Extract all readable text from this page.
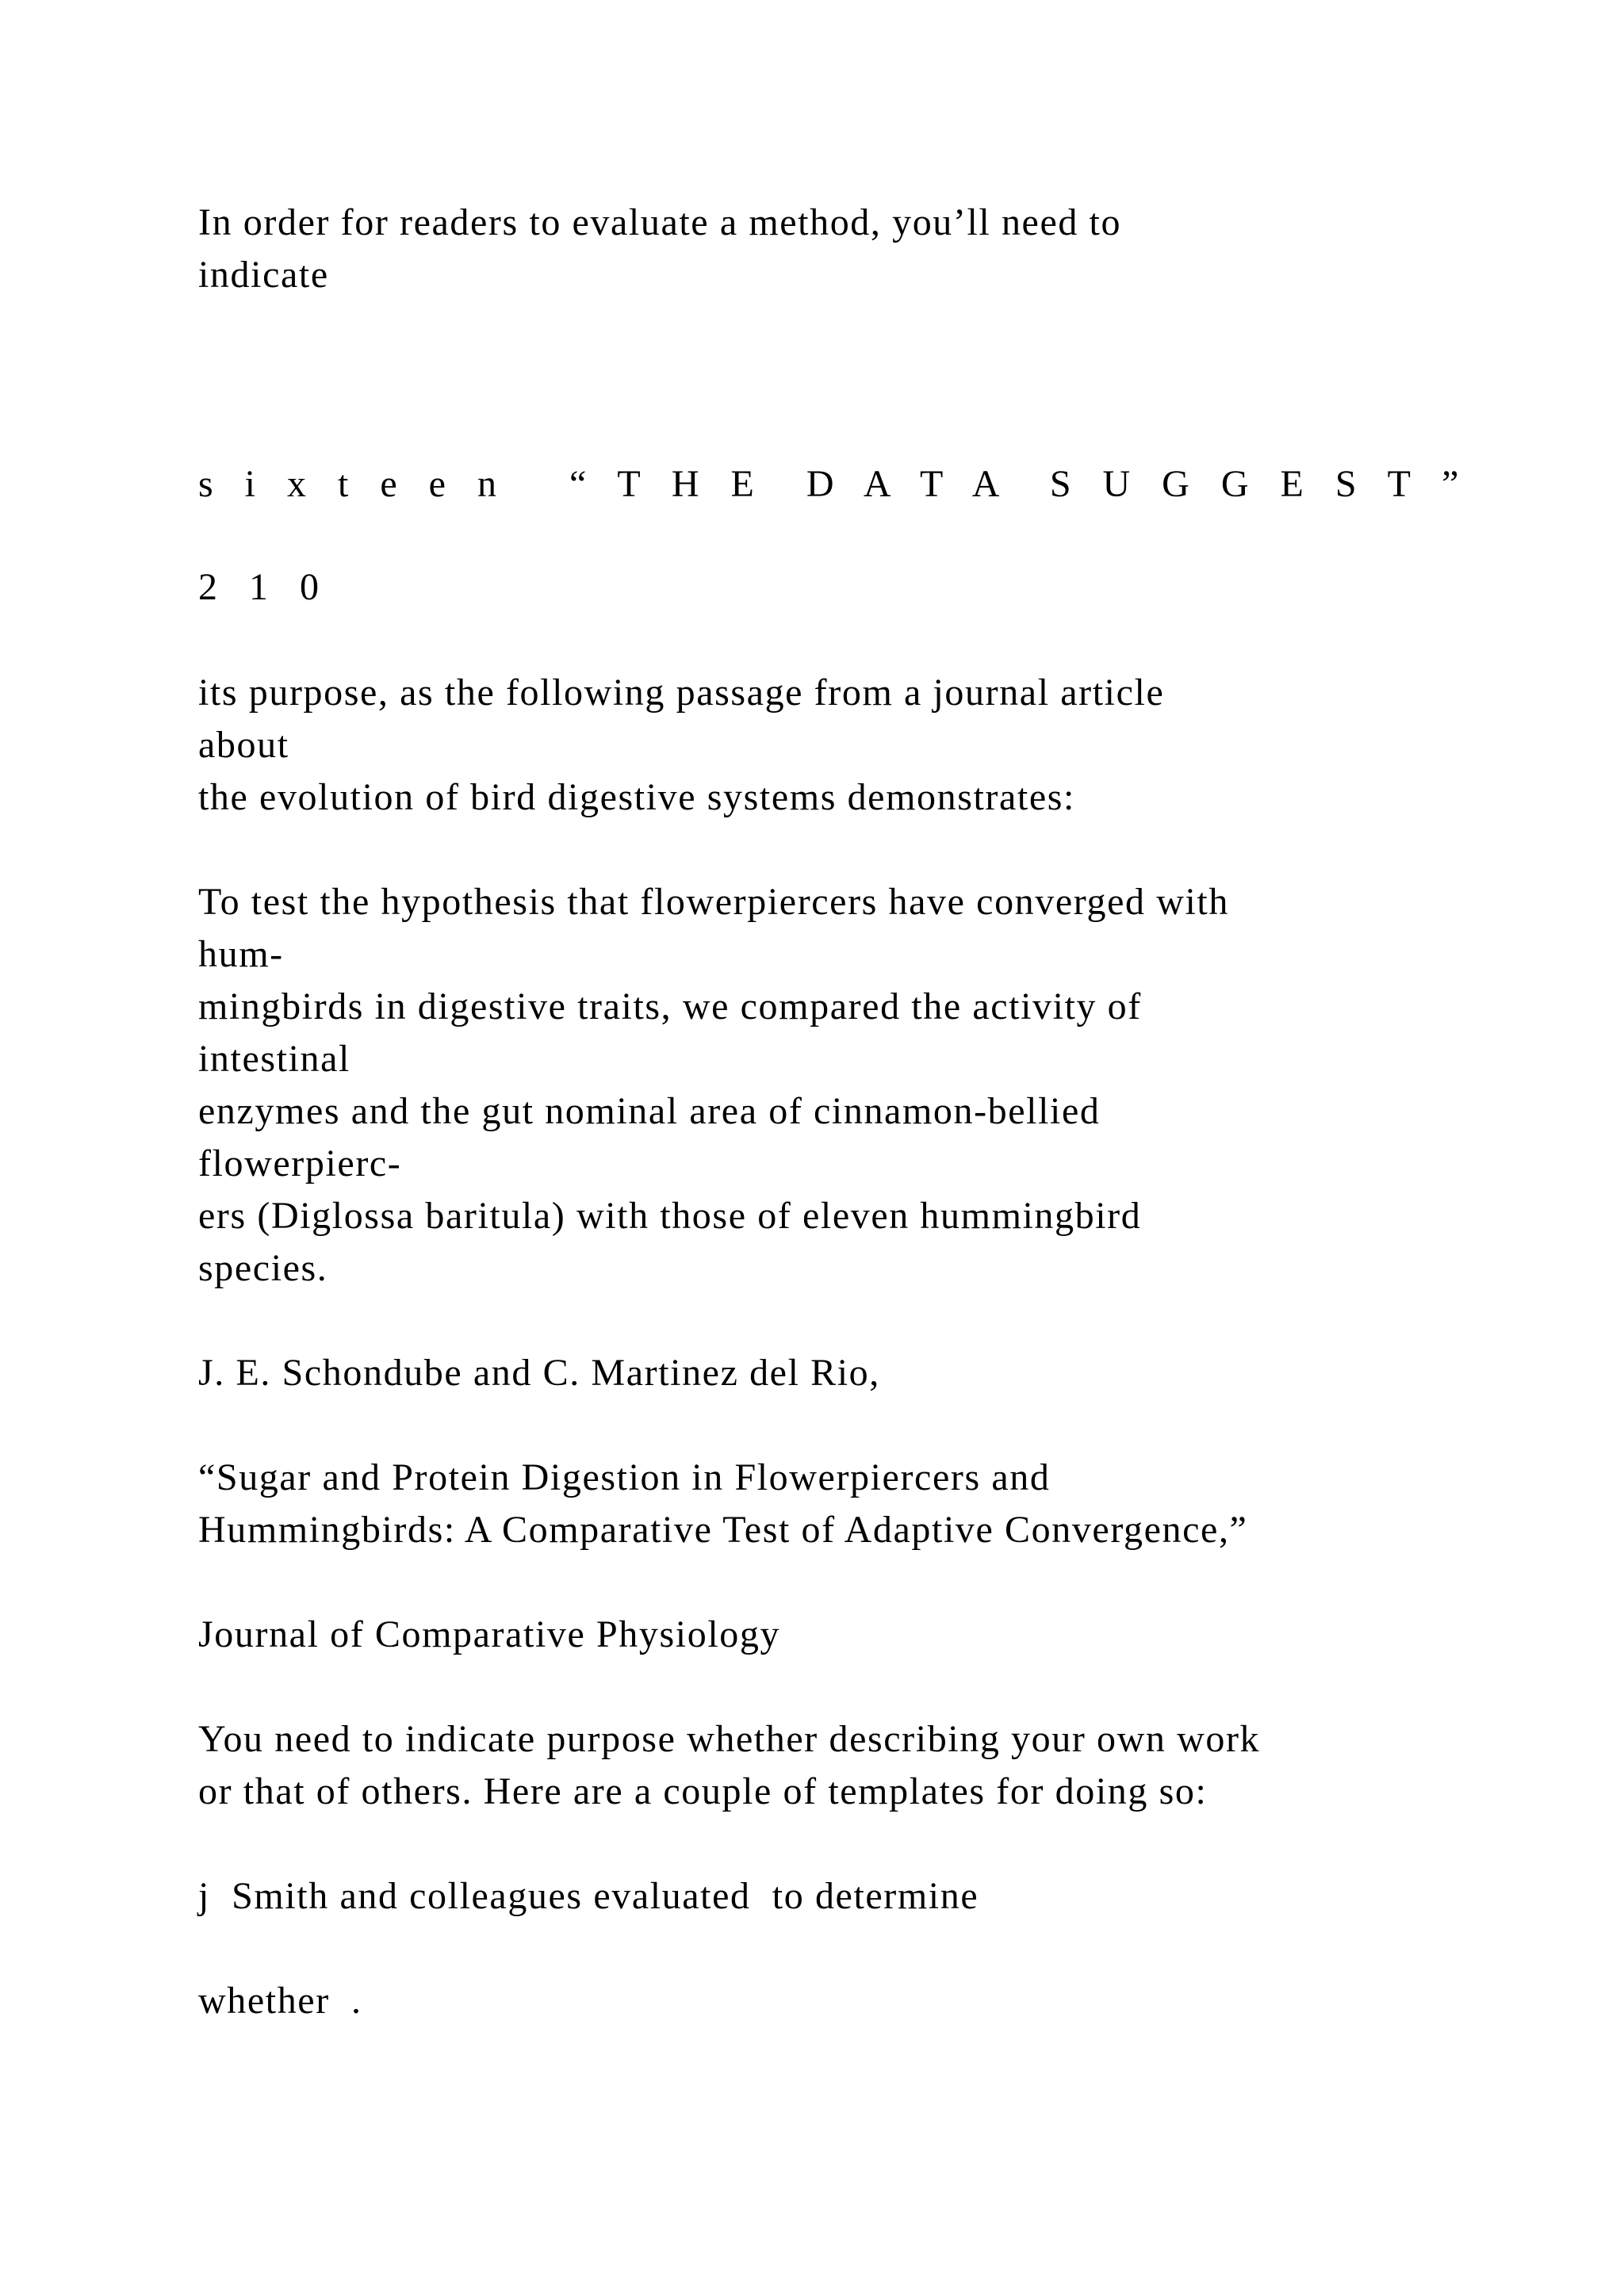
In order for readers to evaluate a method, you’ll need to

indicate

s i x t e e n   “ T H E  D A T A  S U G G E S T ”

2 1 0

its purpose, as the following passage from a journal article

about

the evolution of bird digestive systems demonstrates:

To test the hypothesis that flowerpiercers have converged with

hum-

mingbirds in digestive traits, we compared the activity of

intestinal

enzymes and the gut nominal area of cinnamon-bellied

flowerpierc-

ers (Diglossa baritula) with those of eleven hummingbird

species.

J. E. Schondube and C. Martinez del Rio,

“Sugar and Protein Digestion in Flowerpiercers and

Hummingbirds: A Comparative Test of Adaptive Convergence,”

Journal of Comparative Physiology

You need to indicate purpose whether describing your own work

or that of others. Here are a couple of templates for doing so:

j  Smith and colleagues evaluated  to determine

whether  .
